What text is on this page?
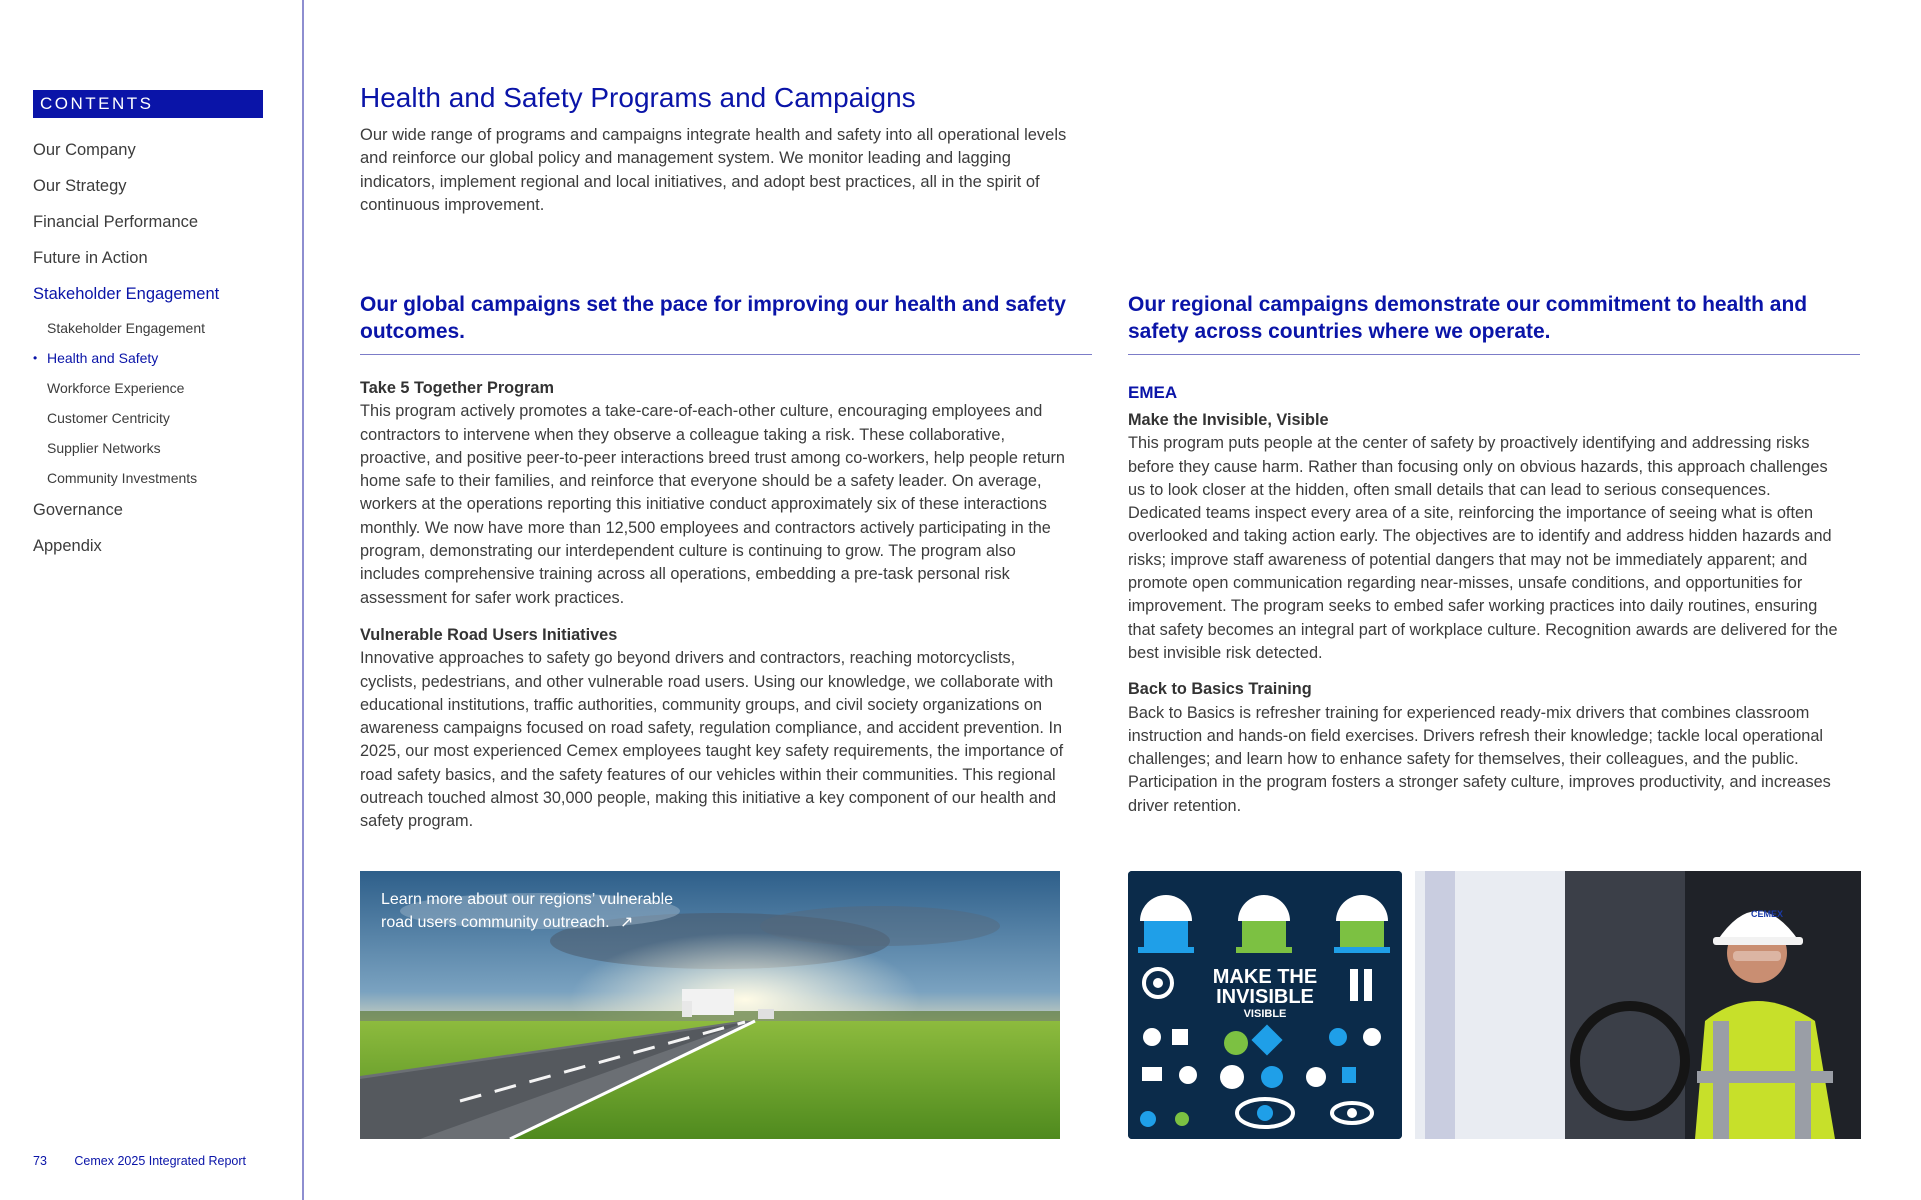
CONTENTS
Our Company
Our Strategy
Financial Performance
Future in Action
Stakeholder Engagement
Stakeholder Engagement
• Health and Safety
Workforce Experience
Customer Centricity
Supplier Networks
Community Investments
Governance
Appendix
73 Cemex 2025 Integrated Report
Health and Safety Programs and Campaigns

Our wide range of programs and campaigns integrate health and safety into all operational levels and reinforce our global policy and management system. We monitor leading and lagging indicators, implement regional and local initiatives, and adopt best practices, all in the spirit of continuous improvement.

Our global campaigns set the pace for improving our health and safety outcomes.

Take 5 Together Program

This program actively promotes a take-care-of-each-other culture, encouraging employees and contractors to intervene when they observe a colleague taking a risk. These collaborative, proactive, and positive peer-to-peer interactions breed trust among co-workers, help people return home safe to their families, and reinforce that everyone should be a safety leader. On average, workers at the operations reporting this initiative conduct approximately six of these interactions monthly. We now have more than 12,500 employees and contractors actively participating in the program, demonstrating our interdependent culture is continuing to grow. The program also includes comprehensive training across all operations, embedding a pre-task personal risk assessment for safer work practices.

Vulnerable Road Users Initiatives

Innovative approaches to safety go beyond drivers and contractors, reaching motorcyclists, cyclists, pedestrians, and other vulnerable road users. Using our knowledge, we collaborate with educational institutions, traffic authorities, community groups, and civil society organizations on awareness campaigns focused on road safety, regulation compliance, and accident prevention. In 2025, our most experienced Cemex employees taught key safety requirements, the importance of road safety basics, and the safety features of our vehicles within their communities. This regional outreach touched almost 30,000 people, making this initiative a key component of our health and safety program.

Our regional campaigns demonstrate our commitment to health and safety across countries where we operate.

EMEA

Make the Invisible, Visible

This program puts people at the center of safety by proactively identifying and addressing risks before they cause harm. Rather than focusing only on obvious hazards, this approach challenges us to look closer at the hidden, often small details that can lead to serious consequences. Dedicated teams inspect every area of a site, reinforcing the importance of seeing what is often overlooked and taking action early. The objectives are to identify and address hidden hazards and risks; improve staff awareness of potential dangers that may not be immediately apparent; and promote open communication regarding near-misses, unsafe conditions, and opportunities for improvement. The program seeks to embed safer working practices into daily routines, ensuring that safety becomes an integral part of workplace culture. Recognition awards are delivered for the best invisible risk detected.

Back to Basics Training

Back to Basics is refresher training for experienced ready-mix drivers that combines classroom instruction and hands-on field exercises. Drivers refresh their knowledge; tackle local operational challenges; and learn how to enhance safety for themselves, their colleagues, and the public. Participation in the program fosters a stronger safety culture, improves productivity, and increases driver retention.

Learn more about our regions’ vulnerable road users community outreach. ↗
MAKE THE
INVISIBLE
VISIBLE
CEMEX
